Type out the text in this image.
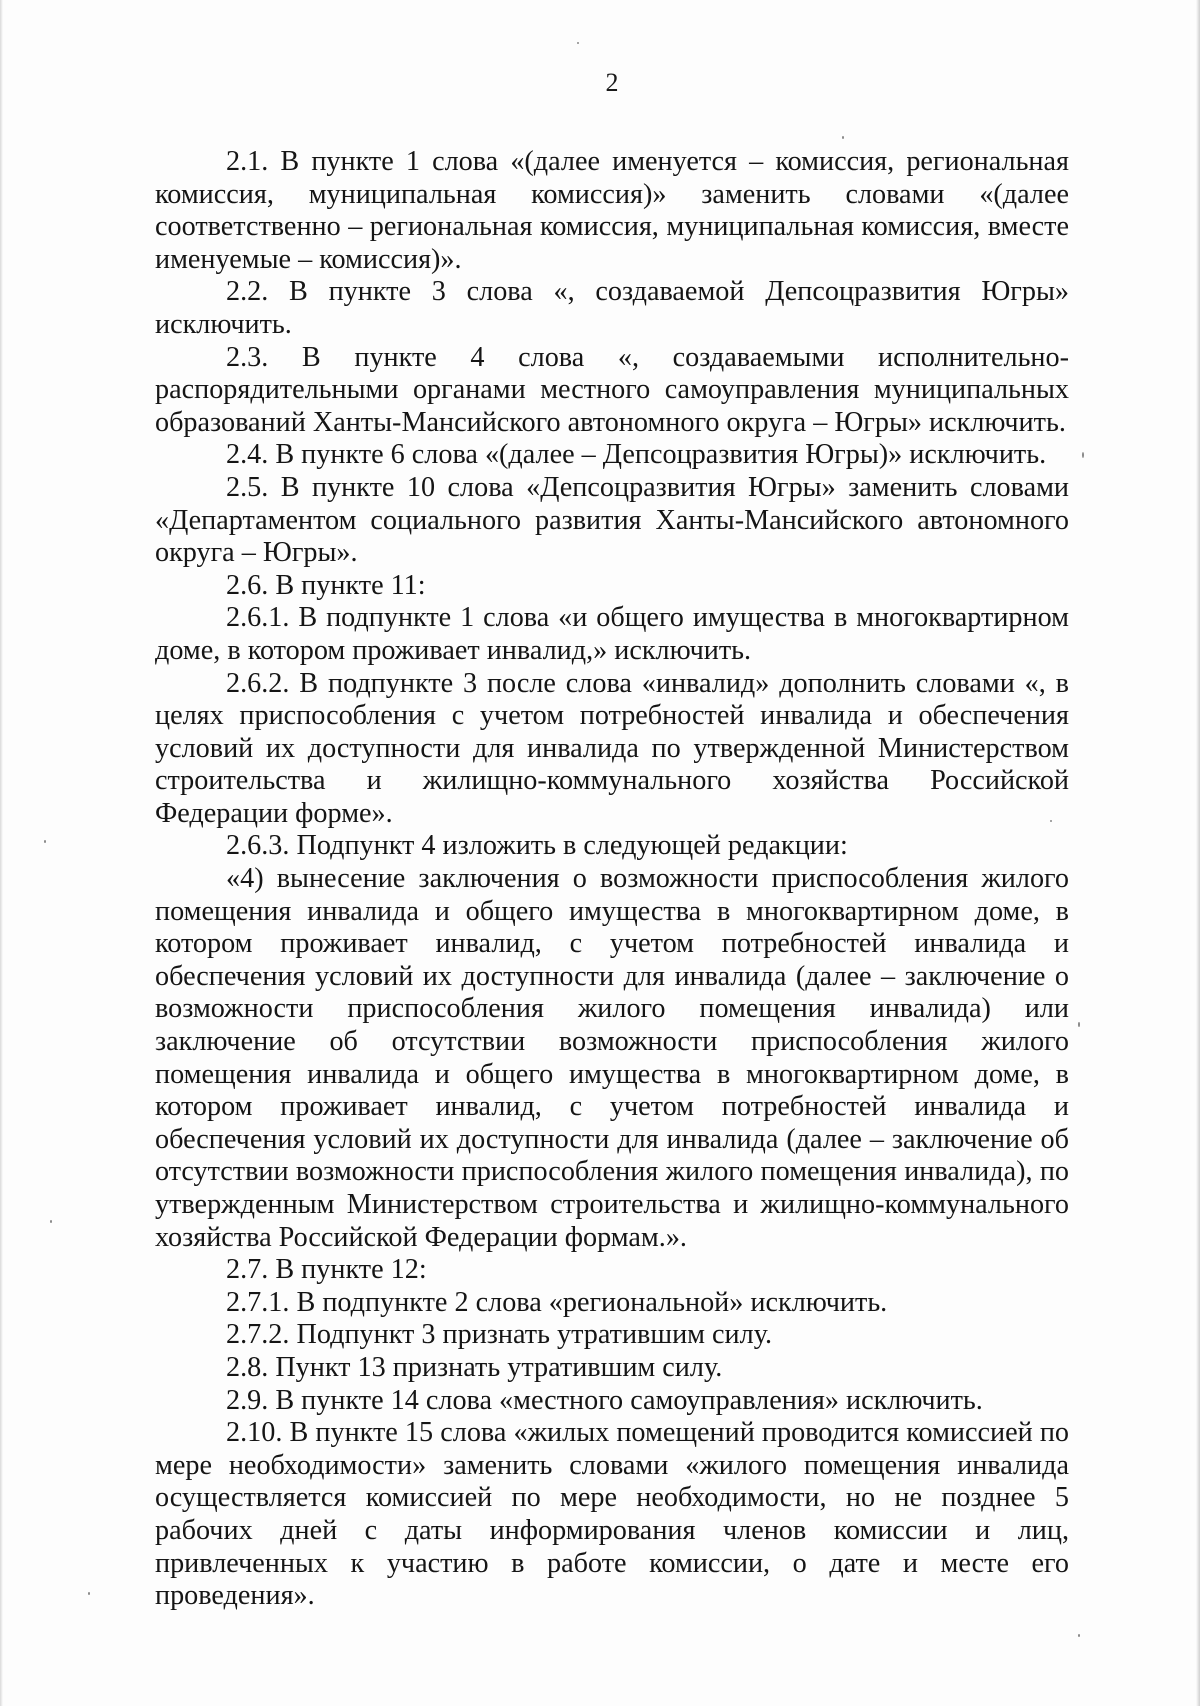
2

2.1. В пункте 1 слова «(далее именуется – комиссия, региональная комиссия, муниципальная комиссия)» заменить словами «(далее соответственно – региональная комиссия, муниципальная комиссия, вместе именуемые – комиссия)».

2.2. В пункте 3 слова «, создаваемой Депсоцразвития Югры» исключить.

2.3. В пункте 4 слова «, создаваемыми исполнительно-распорядительными органами местного самоуправления муниципальных образований Ханты-Мансийского автономного округа – Югры» исключить.

2.4. В пункте 6 слова «(далее – Депсоцразвития Югры)» исключить.

2.5. В пункте 10 слова «Депсоцразвития Югры» заменить словами «Департаментом социального развития Ханты-Мансийского автономного округа – Югры».

2.6. В пункте 11:

2.6.1. В подпункте 1 слова «и общего имущества в многоквартирном доме, в котором проживает инвалид,» исключить.

2.6.2. В подпункте 3 после слова «инвалид» дополнить словами «, в целях приспособления с учетом потребностей инвалида и обеспечения условий их доступности для инвалида по утвержденной Министерством строительства и жилищно-коммунального хозяйства Российской Федерации форме».

2.6.3. Подпункт 4 изложить в следующей редакции:

«4) вынесение заключения о возможности приспособления жилого помещения инвалида и общего имущества в многоквартирном доме, в котором проживает инвалид, с учетом потребностей инвалида и обеспечения условий их доступности для инвалида (далее – заключение о возможности приспособления жилого помещения инвалида) или заключение об отсутствии возможности приспособления жилого помещения инвалида и общего имущества в многоквартирном доме, в котором проживает инвалид, с учетом потребностей инвалида и обеспечения условий их доступности для инвалида (далее – заключение об отсутствии возможности приспособления жилого помещения инвалида), по утвержденным Министерством строительства и жилищно-коммунального хозяйства Российской Федерации формам.».

2.7. В пункте 12:

2.7.1. В подпункте 2 слова «региональной» исключить.

2.7.2. Подпункт 3 признать утратившим силу.

2.8. Пункт 13 признать утратившим силу.

2.9. В пункте 14 слова «местного самоуправления» исключить.

2.10. В пункте 15 слова «жилых помещений проводится комиссией по мере необходимости» заменить словами «жилого помещения инвалида осуществляется комиссией по мере необходимости, но не позднее 5 рабочих дней с даты информирования членов комиссии и лиц, привлеченных к участию в работе комиссии, о дате и месте его проведения».
